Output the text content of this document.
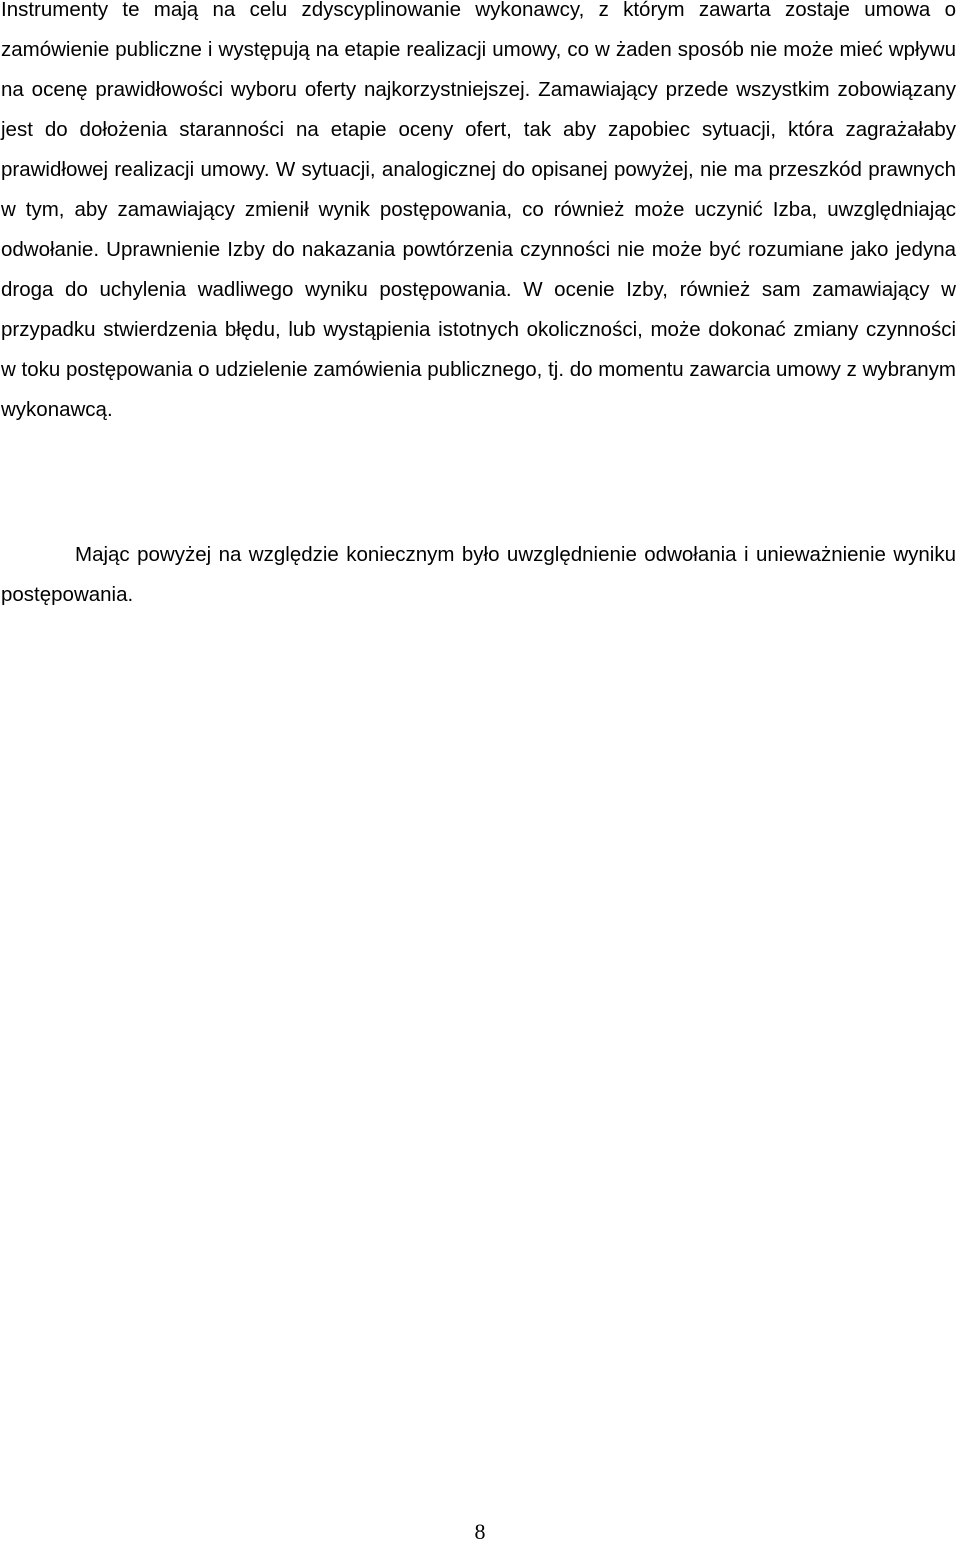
Instrumenty te mają na celu zdyscyplinowanie wykonawcy, z którym zawarta zostaje umowa o zamówienie publiczne i występują na etapie realizacji umowy, co w żaden sposób nie może mieć wpływu na ocenę prawidłowości wyboru oferty najkorzystniejszej. Zamawiający przede wszystkim zobowiązany jest do dołożenia staranności na etapie oceny ofert, tak aby zapobiec sytuacji, która zagrażałaby prawidłowej realizacji umowy. W sytuacji, analogicznej do opisanej powyżej, nie ma przeszkód prawnych w tym, aby zamawiający zmienił wynik postępowania, co również może uczynić Izba, uwzględniając odwołanie. Uprawnienie Izby do nakazania powtórzenia czynności nie może być rozumiane jako jedyna droga do uchylenia wadliwego wyniku postępowania. W ocenie Izby, również sam zamawiający w przypadku stwierdzenia błędu, lub wystąpienia istotnych okoliczności, może dokonać zmiany czynności w toku postępowania o udzielenie zamówienia publicznego, tj. do momentu zawarcia umowy z wybranym wykonawcą.

Mając powyżej na względzie koniecznym było uwzględnienie odwołania i unieważnienie wyniku postępowania.

8
